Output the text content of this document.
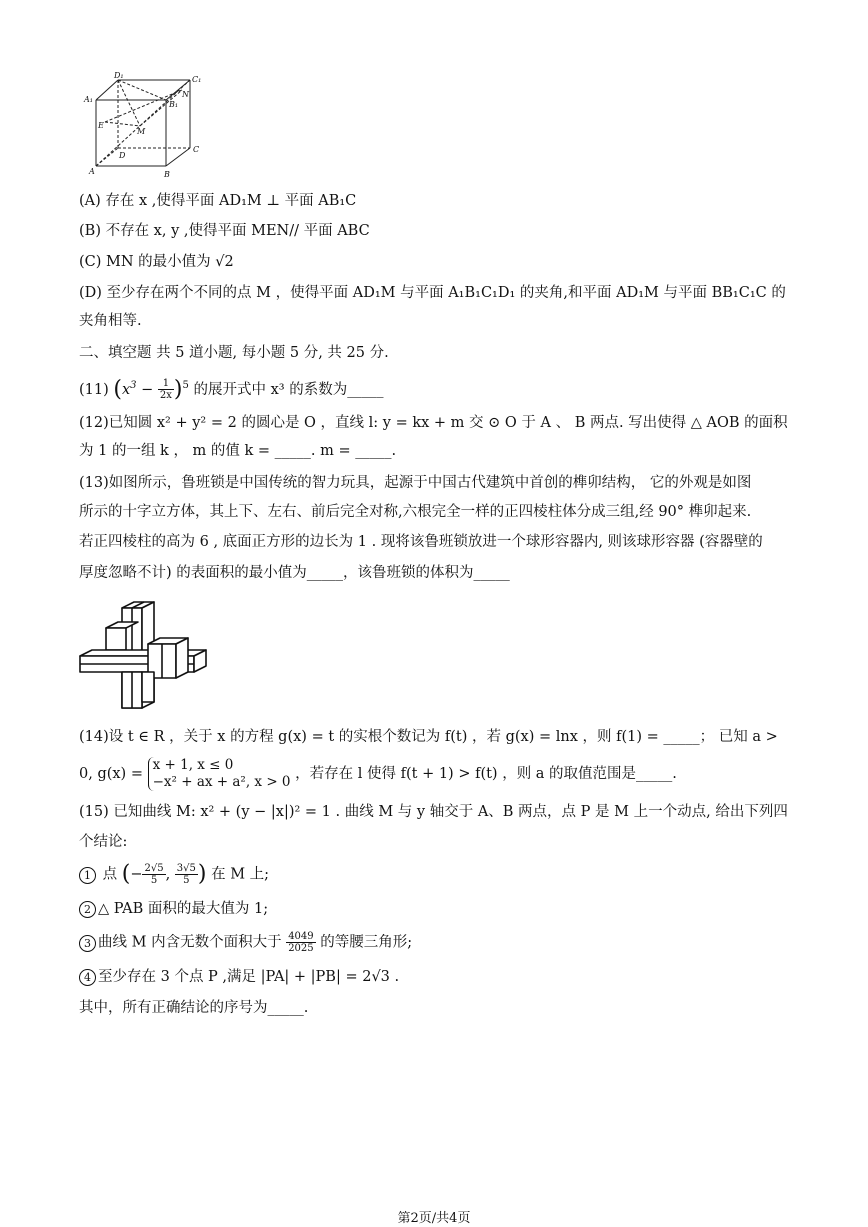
D₁	C₁
A₁
B₁
N
E
M
D
C
A	B
(A) 存在 x ,使得平面 AD₁M ⊥ 平面 AB₁C
(B) 不存在 x, y ,使得平面 MEN// 平面 ABC
(C) MN 的最小值为 √2
(D) 至少存在两个不同的点 M ，使得平面 AD₁M 与平面 A₁B₁C₁D₁ 的夹角,和平面 AD₁M 与平面 BB₁C₁C 的
夹角相等.
二、填空题 共 5 道小题, 每小题 5 分, 共 25 分.
(11) $(x^3 - \frac{1}{2x} )^5$ 的展开式中 x³ 的系数为_____
(12)已知圆 x² + y² = 2 的圆心是 O ，直线 l: y = kx + m 交 ⊙ O 于 A 、 B 两点. 写出使得 △ AOB 的面积
为 1 的一组 k ， m 的值 k = _____. m = _____.
(13)如图所示，鲁班锁是中国传统的智力玩具，起源于中国古代建筑中首创的榫卯结构， 它的外观是如图
所示的十字立方体，其上下、左右、前后完全对称,六根完全一样的正四棱柱体分成三组,经 90° 榫卯起来.
若正四棱柱的高为 6 , 底面正方形的边长为 1 . 现将该鲁班锁放进一个球形容器内, 则该球形容器 (容器壁的
厚度忽略不计) 的表面积的最小值为_____，该鲁班锁的体积为_____
(14)设 t ∈ R ，关于 x 的方程 g(x) = t 的实根个数记为 f(t) ，若 g(x) = lnx ，则 f(1) = _____； 已知 a >
0, g(x) =
x + 1, x ≤ 0
−x² + ax + a², x > 0 ，若存在 l 使得 f(t + 1) > f(t) ，则 a 的取值范围是_____.
(15) 已知曲线 M: x² + (y − |x|)² = 1 . 曲线 M 与 y 轴交于 A、B 两点，点 P 是 M 上一个动点, 给出下列四
个结论:
1 点 (− $\frac{2√5}{5}$ , $\frac{3√5}{5}$ ) 在 M 上;
2 △ PAB 面积的最大值为 1;
3 曲线 M 内含无数个面积大于 $\frac{4049}{2025}$ 的等腰三角形;
4 至少存在 3 个点 P ,满足 |PA| + |PB| = 2√3 .
其中，所有正确结论的序号为_____.
第2页/共4页
